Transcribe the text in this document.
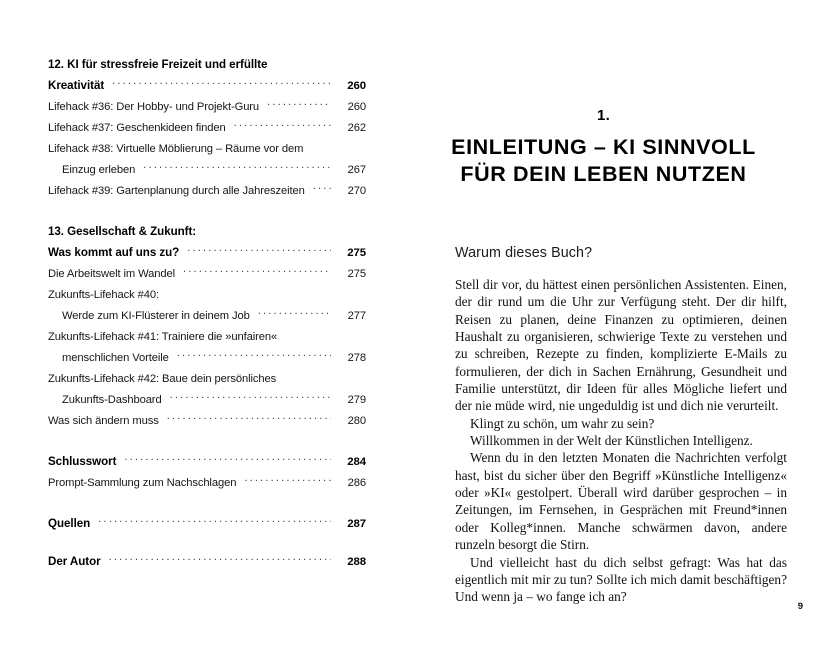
12. KI für stressfreie Freizeit und erfüllte
Kreativität .....	260
Lifehack #36: Der Hobby- und Projekt-Guru .....	260
Lifehack #37: Geschenkideen finden .....	262
Lifehack #38: Virtuelle Möblierung – Räume vor dem
Einzug erleben .....	267
Lifehack #39: Gartenplanung durch alle Jahreszeiten .....	270
13. Gesellschaft & Zukunft:
Was kommt auf uns zu? .....	275
Die Arbeitswelt im Wandel .....	275
Zukunfts-Lifehack #40:
Werde zum KI-Flüsterer in deinem Job .....	277
Zukunfts-Lifehack #41: Trainiere die »unfairen«
menschlichen Vorteile .....	278
Zukunfts-Lifehack #42: Baue dein persönliches
Zukunfts-Dashboard .....	279
Was sich ändern muss .....	280
Schlusswort .....	284
Prompt-Sammlung zum Nachschlagen .....	286
Quellen .....	287
Der Autor .....	288
1.
EINLEITUNG – KI SINNVOLL
FÜR DEIN LEBEN NUTZEN
Warum dieses Buch?

Stell dir vor, du hättest einen persönlichen Assistenten. Einen, der dir rund um die Uhr zur Verfügung steht. Der dir hilft, Reisen zu planen, deine Finanzen zu optimieren, deinen Haushalt zu organisieren, schwierige Texte zu verstehen und zu schreiben, Rezepte zu finden, komplizierte E-Mails zu formulieren, der dich in Sachen Ernährung, Gesundheit und Familie unterstützt, dir Ideen für alles Mögliche liefert und der nie müde wird, nie ungeduldig ist und dich nie verurteilt.

Klingt zu schön, um wahr zu sein?

Willkommen in der Welt der Künstlichen Intelligenz.

Wenn du in den letzten Monaten die Nachrichten verfolgt hast, bist du sicher über den Begriff »Künstliche Intelligenz« oder »KI« gestolpert. Überall wird darüber gesprochen – in Zeitungen, im Fernsehen, in Gesprächen mit Freund*innen oder Kolleg*innen. Manche schwärmen davon, andere runzeln besorgt die Stirn.

Und vielleicht hast du dich selbst gefragt: Was hat das eigentlich mit mir zu tun? Sollte ich mich damit beschäftigen? Und wenn ja – wo fange ich an?

9
